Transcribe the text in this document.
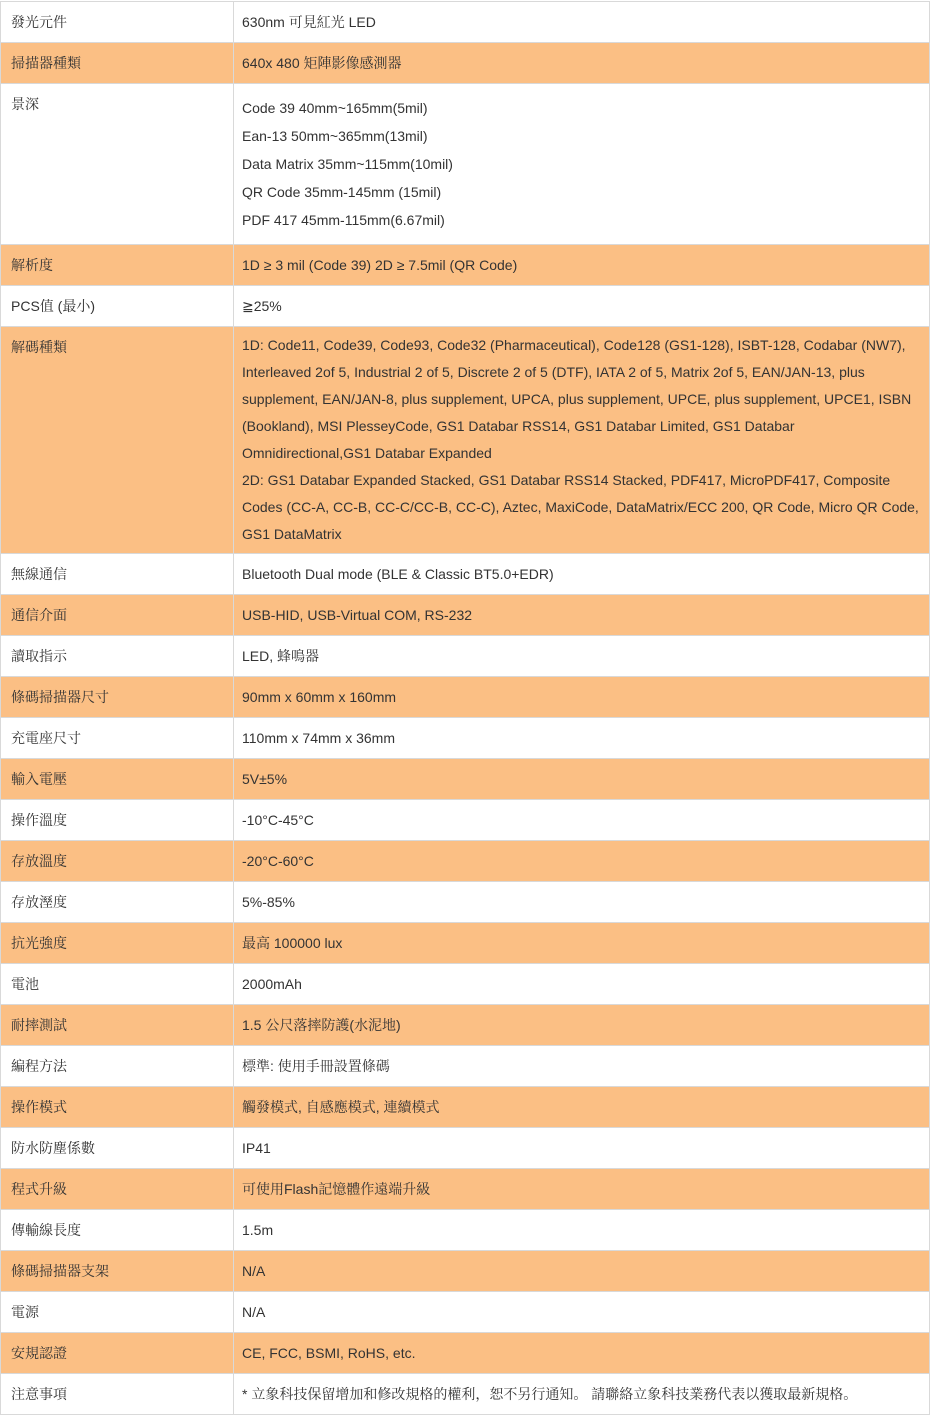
發光元件	630nm 可見紅光 LED
掃描器種類	640x 480 矩陣影像感測器
景深	Code 39 40mm~165mm(5mil)
Ean-13 50mm~365mm(13mil)
Data Matrix 35mm~115mm(10mil)
QR Code 35mm-145mm (15mil)
PDF 417 45mm-115mm(6.67mil)

解析度	1D ≥ 3 mil (Code 39) 2D ≥ 7.5mil (QR Code)
PCS值 (最小)	≧25%
解碼種類	1D: Code11, Code39, Code93, Code32 (Pharmaceutical), Code128 (GS1-128), ISBT-128, Codabar (NW7), Interleaved 2of 5, Industrial 2 of 5, Discrete 2 of 5 (DTF), IATA 2 of 5, Matrix 2of 5, EAN/JAN-13, plus supplement, EAN/JAN-8, plus supplement, UPCA, plus supplement, UPCE, plus supplement, UPCE1, ISBN (Bookland), MSI PlesseyCode, GS1 Databar RSS14, GS1 Databar Limited, GS1 Databar Omnidirectional,GS1 Databar Expanded
2D: GS1 Databar Expanded Stacked, GS1 Databar RSS14 Stacked, PDF417, MicroPDF417, Composite Codes (CC-A, CC-B, CC-C/CC-B, CC-C), Aztec, MaxiCode, DataMatrix/ECC 200, QR Code, Micro QR Code, GS1 DataMatrix

無線通信	Bluetooth Dual mode (BLE & Classic BT5.0+EDR)
通信介面	USB-HID, USB-Virtual COM, RS-232
讀取指示	LED, 蜂鳴器
條碼掃描器尺寸	90mm x 60mm x 160mm
充電座尺寸	110mm x 74mm x 36mm
輸入電壓	5V±5%
操作溫度	-10°C-45°C
存放溫度	-20°C-60°C
存放溼度	5%-85%
抗光強度	最高 100000 lux
電池	2000mAh
耐摔測試	1.5 公尺落摔防護(水泥地)
編程方法	標準: 使用手冊設置條碼
操作模式	觸發模式, 自感應模式, 連續模式
防水防塵係數	IP41
程式升級	可使用Flash記憶體作遠端升級
傳輸線長度	1.5m
條碼掃描器支架	N/A
電源	N/A
安規認證	CE, FCC, BSMI, RoHS, etc.
注意事項	* 立象科技保留增加和修改規格的權利，恕不另行通知。 請聯絡立象科技業務代表以獲取最新規格。
